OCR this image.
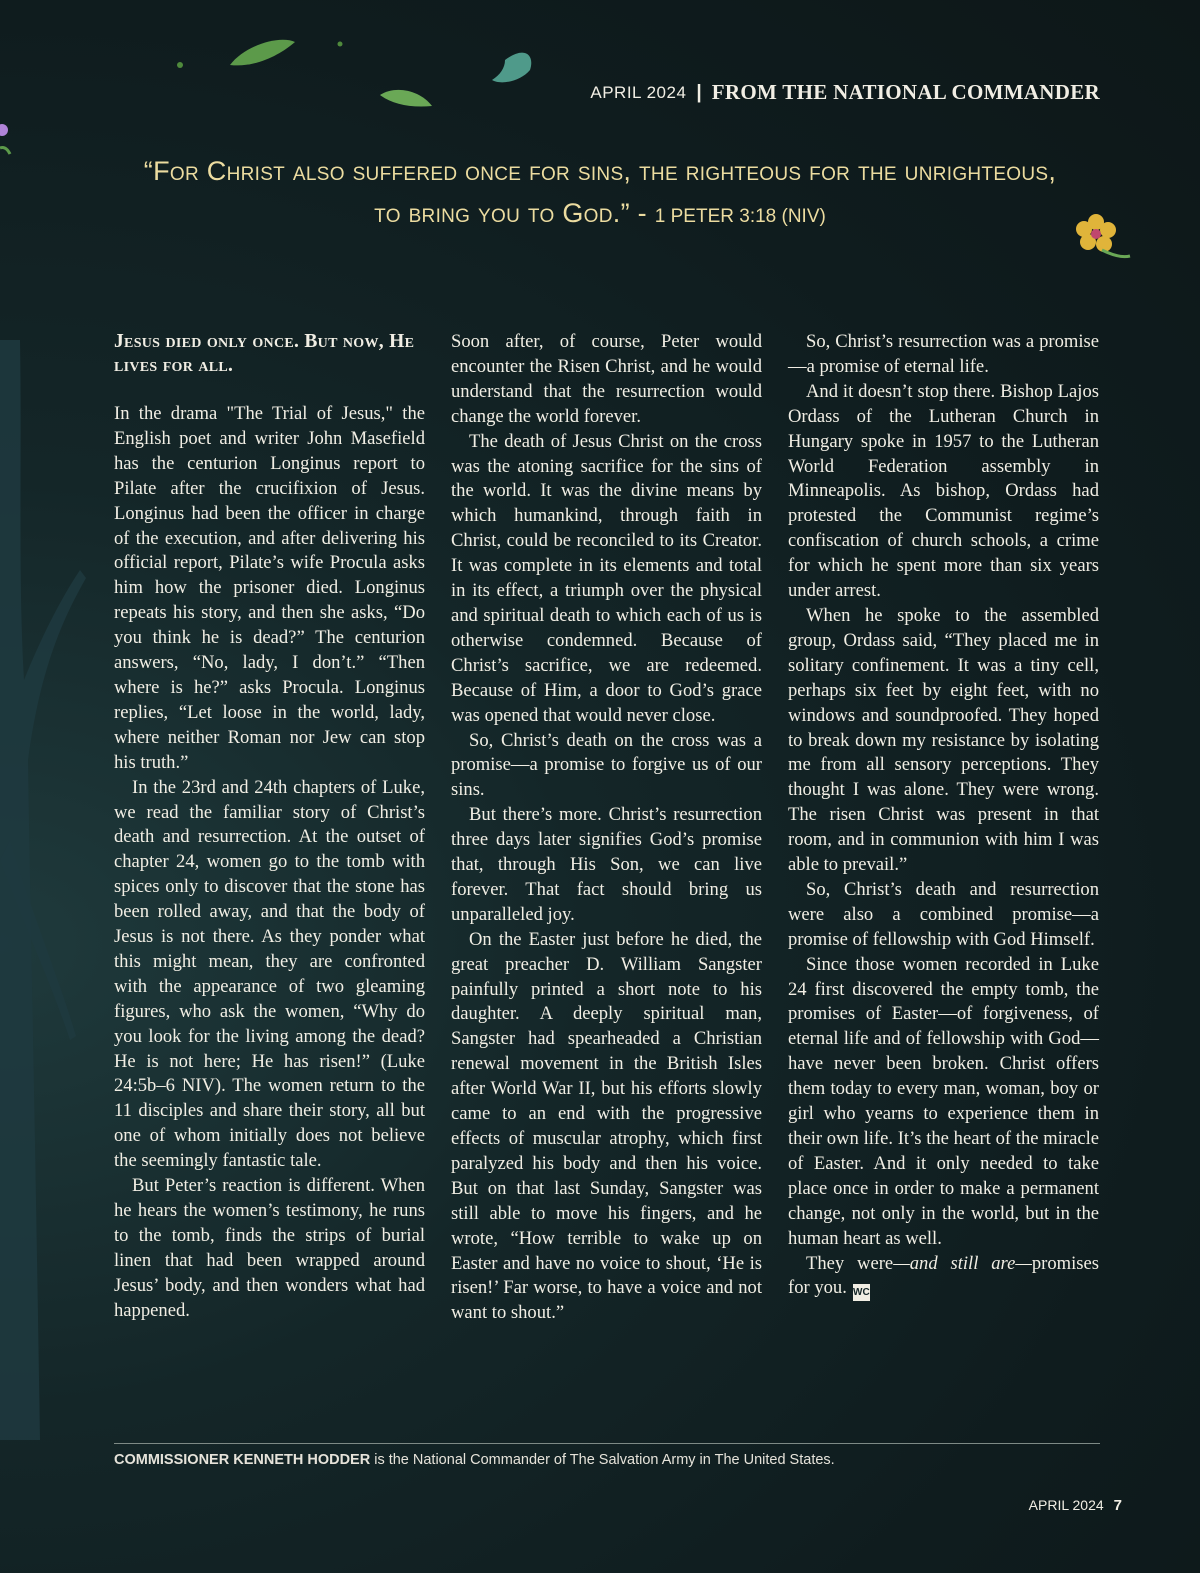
APRIL 2024 | FROM THE NATIONAL COMMANDER
“For Christ also suffered once for sins, the righteous for the unrighteous, to bring you to God.” - 1 PETER 3:18 (NIV)
Jesus died only once. But now, He lives for all.

In the drama "The Trial of Jesus," the English poet and writer John Masefield has the centurion Longinus report to Pilate after the crucifixion of Jesus. Longinus had been the officer in charge of the execution, and after delivering his official report, Pilate’s wife Procula asks him how the prisoner died. Longinus repeats his story, and then she asks, “Do you think he is dead?” The centurion answers, “No, lady, I don’t.” “Then where is he?” asks Procula. Longinus replies, “Let loose in the world, lady, where neither Roman nor Jew can stop his truth.”

In the 23rd and 24th chapters of Luke, we read the familiar story of Christ’s death and resurrection. At the outset of chapter 24, women go to the tomb with spices only to discover that the stone has been rolled away, and that the body of Jesus is not there. As they ponder what this might mean, they are confronted with the appearance of two gleaming figures, who ask the women, “Why do you look for the living among the dead? He is not here; He has risen!” (Luke 24:5b–6 NIV). The women return to the 11 disciples and share their story, all but one of whom initially does not believe the seemingly fantastic tale.

But Peter’s reaction is different. When he hears the women’s testimony, he runs to the tomb, finds the strips of burial linen that had been wrapped around Jesus’ body, and then wonders what had happened.

Soon after, of course, Peter would encounter the Risen Christ, and he would understand that the resurrection would change the world forever.

The death of Jesus Christ on the cross was the atoning sacrifice for the sins of the world. It was the divine means by which humankind, through faith in Christ, could be reconciled to its Creator. It was complete in its elements and total in its effect, a triumph over the physical and spiritual death to which each of us is otherwise condemned. Because of Christ’s sacrifice, we are redeemed. Because of Him, a door to God’s grace was opened that would never close.

So, Christ’s death on the cross was a promise—a promise to forgive us of our sins.

But there’s more. Christ’s resurrection three days later signifies God’s promise that, through His Son, we can live forever. That fact should bring us unparalleled joy.

On the Easter just before he died, the great preacher D. William Sangster painfully printed a short note to his daughter. A deeply spiritual man, Sangster had spearheaded a Christian renewal movement in the British Isles after World War II, but his efforts slowly came to an end with the progressive effects of muscular atrophy, which first paralyzed his body and then his voice. But on that last Sunday, Sangster was still able to move his fingers, and he wrote, “How terrible to wake up on Easter and have no voice to shout, ‘He is risen!’ Far worse, to have a voice and not want to shout.”

So, Christ’s resurrection was a promise—a promise of eternal life.

And it doesn’t stop there. Bishop Lajos Ordass of the Lutheran Church in Hungary spoke in 1957 to the Lutheran World Federation assembly in Minneapolis. As bishop, Ordass had protested the Communist regime’s confiscation of church schools, a crime for which he spent more than six years under arrest.

When he spoke to the assembled group, Ordass said, “They placed me in solitary confinement. It was a tiny cell, perhaps six feet by eight feet, with no windows and soundproofed. They hoped to break down my resistance by isolating me from all sensory perceptions. They thought I was alone. They were wrong. The risen Christ was present in that room, and in communion with him I was able to prevail.”

So, Christ’s death and resurrection were also a combined promise—a promise of fellowship with God Himself.

Since those women recorded in Luke 24 first discovered the empty tomb, the promises of Easter—of forgiveness, of eternal life and of fellowship with God—have never been broken. Christ offers them today to every man, woman, boy or girl who yearns to experience them in their own life. It’s the heart of the miracle of Easter. And it only needed to take place once in order to make a permanent change, not only in the world, but in the human heart as well.

They were—and still are—promises for you. WC

COMMISSIONER KENNETH HODDER is the National Commander of The Salvation Army in The United States.
APRIL 2024 7
